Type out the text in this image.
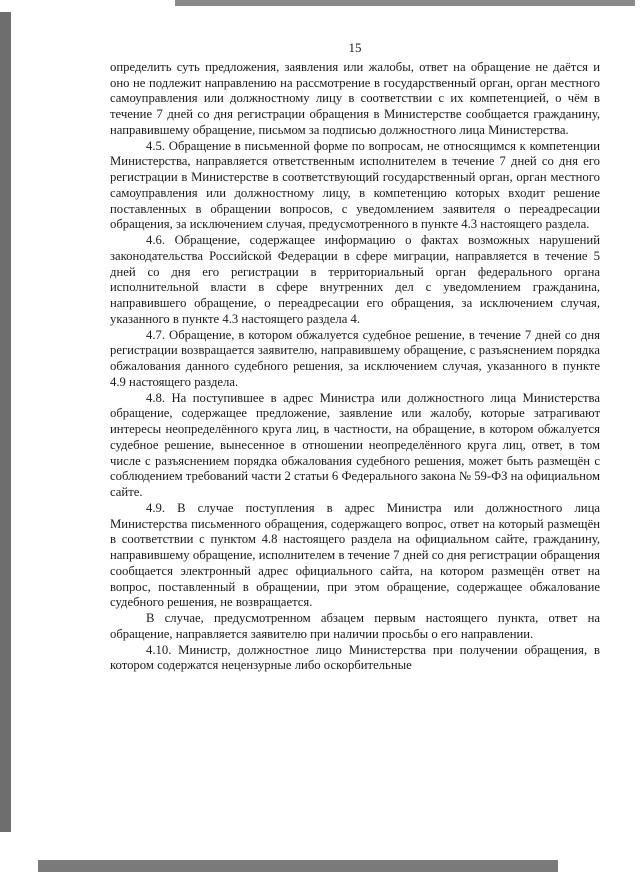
15

определить суть предложения, заявления или жалобы, ответ на обращение не даётся и оно не подлежит направлению на рассмотрение в государственный орган, орган местного самоуправления или должностному лицу в соответствии с их компетенцией, о чём в течение 7 дней со дня регистрации обращения в Министерстве сообщается гражданину, направившему обращение, письмом за подписью должностного лица Министерства.

4.5. Обращение в письменной форме по вопросам, не относящимся к компетенции Министерства, направляется ответственным исполнителем в течение 7 дней со дня его регистрации в Министерстве в соответствующий государственный орган, орган местного самоуправления или должностному лицу, в компетенцию которых входит решение поставленных в обращении вопросов, с уведомлением заявителя о переадресации обращения, за исключением случая, предусмотренного в пункте 4.3 настоящего раздела.

4.6. Обращение, содержащее информацию о фактах возможных нарушений законодательства Российской Федерации в сфере миграции, направляется в течение 5 дней со дня его регистрации в территориальный орган федерального органа исполнительной власти в сфере внутренних дел с уведомлением гражданина, направившего обращение, о переадресации его обращения, за исключением случая, указанного в пункте 4.3 настоящего раздела 4.

4.7. Обращение, в котором обжалуется судебное решение, в течение 7 дней со дня регистрации возвращается заявителю, направившему обращение, с разъяснением порядка обжалования данного судебного решения, за исключением случая, указанного в пункте 4.9 настоящего раздела.

4.8. На поступившее в адрес Министра или должностного лица Министерства обращение, содержащее предложение, заявление или жалобу, которые затрагивают интересы неопределённого круга лиц, в частности, на обращение, в котором обжалуется судебное решение, вынесенное в отношении неопределённого круга лиц, ответ, в том числе с разъяснением порядка обжалования судебного решения, может быть размещён с соблюдением требований части 2 статьи 6 Федерального закона № 59-ФЗ на официальном сайте.

4.9. В случае поступления в адрес Министра или должностного лица Министерства письменного обращения, содержащего вопрос, ответ на который размещён в соответствии с пунктом 4.8 настоящего раздела на официальном сайте, гражданину, направившему обращение, исполнителем в течение 7 дней со дня регистрации обращения сообщается электронный адрес официального сайта, на котором размещён ответ на вопрос, поставленный в обращении, при этом обращение, содержащее обжалование судебного решения, не возвращается.

В случае, предусмотренном абзацем первым настоящего пункта, ответ на обращение, направляется заявителю при наличии просьбы о его направлении.

4.10. Министр, должностное лицо Министерства при получении обращения, в котором содержатся нецензурные либо оскорбительные
